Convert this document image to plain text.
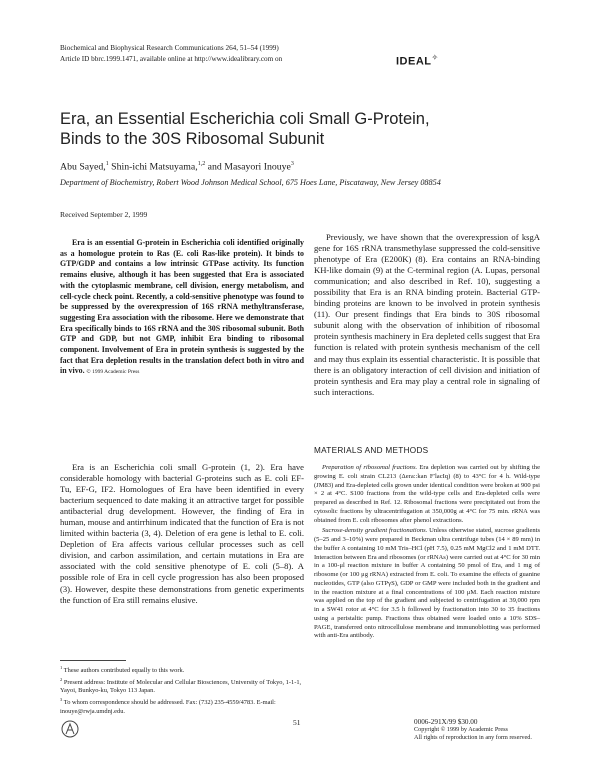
Biochemical and Biophysical Research Communications 264, 51–54 (1999)
Article ID bbrc.1999.1471, available online at http://www.idealibrary.com on	IDEAL✧
Era, an Essential Escherichia coli Small G-Protein,
Binds to the 30S Ribosomal Subunit
Abu Sayed,$^1$ Shin-ichi Matsuyama,$^{1,2}$ and Masayori Inouye$^3$
Department of Biochemistry, Robert Wood Johnson Medical School, 675 Hoes Lane, Piscataway, New Jersey 08854
Received September 2, 1999

Era is an essential G-protein in Escherichia coli identified originally as a homologue protein to Ras (E. coli Ras-like protein). It binds to GTP/GDP and contains a low intrinsic GTPase activity. Its function remains elusive, although it has been suggested that Era is associated with the cytoplasmic membrane, cell division, energy metabolism, and cell-cycle check point. Recently, a cold-sensitive phenotype was found to be suppressed by the overexpression of 16S rRNA methyltransferase, suggesting Era association with the ribosome. Here we demonstrate that Era specifically binds to 16S rRNA and the 30S ribosomal subunit. Both GTP and GDP, but not GMP, inhibit Era binding to ribosomal component. Involvement of Era in protein synthesis is suggested by the fact that Era depletion results in the translation defect both in vitro and in vivo. © 1999 Academic Press

Era is an Escherichia coli small G-protein (1, 2). Era have considerable homology with bacterial G-proteins such as E. coli EF-Tu, EF-G, IF2. Homologues of Era have been identified in every bacterium sequenced to date making it an attractive target for possible antibacterial drug development. However, the finding of Era in human, mouse and antirrhinum indicated that the function of Era is not limited within bacteria (3, 4). Deletion of era gene is lethal to E. coli. Depletion of Era affects various cellular processes such as cell division, and carbon assimilation, and certain mutations in Era are associated with the cold sensitive phenotype of E. coli (5–8). A possible role of Era in cell cycle progression has also been proposed (3). However, despite these demonstrations from genetic experiments the function of Era still remains elusive.

Previously, we have shown that the overexpression of ksgA gene for 16S rRNA transmethylase suppressed the cold-sensitive phenotype of Era (E200K) (8). Era contains an RNA-binding KH-like domain (9) at the C-terminal region (A. Lupas, personal communication; and also described in Ref. 10), suggesting a possibility that Era is an RNA binding protein. Bacterial GTP-binding proteins are known to be involved in protein synthesis (11). Our present findings that Era binds to 30S ribosomal subunit along with the observation of inhibition of ribosomal protein synthesis machinery in Era depleted cells suggest that Era function is related with protein synthesis mechanism of the cell and may thus explain its essential characteristic. It is possible that there is an obligatory interaction of cell division and initiation of protein synthesis and Era may play a central role in signaling of such interactions.

MATERIALS AND METHODS

Preparation of ribosomal fractions. Era depletion was carried out by shifting the growing E. coli strain CL213 (Δera::kan F′lacIq) (8) to 43°C for 4 h. Wild-type (JM83) and Era-depleted cells grown under identical condition were broken at 900 psi × 2 at 4°C. S100 fractions from the wild-type cells and Era-depleted cells were prepared as described in Ref. 12. Ribosomal fractions were precipitated out from the cytosolic fractions by ultracentrifugation at 350,000g at 4°C for 75 min. rRNA was obtained from E. coli ribosomes after phenol extractions.

Sucrose-density gradient fractionations. Unless otherwise stated, sucrose gradients (5–25 and 3–10%) were prepared in Beckman ultra centrifuge tubes (14 × 89 mm) in the buffer A containing 10 mM Tris–HCl (pH 7.5), 0.25 mM MgCl2 and 1 mM DTT. Interaction between Era and ribosomes (or rRNAs) were carried out at 4°C for 30 min in a 100-μl reaction mixture in buffer A containing 50 pmol of Era, and 1 mg of ribosome (or 100 μg rRNA) extracted from E. coli. To examine the effects of guanine nucleotides, GTP (also GTPγS), GDP or GMP were included both in the gradient and in the reaction mixture at a final concentrations of 100 μM. Each reaction mixture was applied on the top of the gradient and subjected to centrifugation at 39,000 rpm in a SW41 rotor at 4°C for 3.5 h followed by fractionation into 30 to 35 fractions using a peristaltic pump. Fractions thus obtained were loaded onto a 10% SDS–PAGE, transferred onto nitrocellulose membrane and immunoblotting was performed with anti-Era antibody.

$^1$ These authors contributed equally to this work.

$^2$ Present address: Institute of Molecular and Cellular Biosciences, University of Tokyo, 1-1-1, Yayoi, Bunkyo-ku, Tokyo 113 Japan.

$^3$ To whom correspondence should be addressed. Fax: (732) 235-4559/4783. E-mail: inouye@rwja.umdnj.edu.

51	0006-291X/99 $30.00
Copyright © 1999 by Academic Press
All rights of reproduction in any form reserved.
